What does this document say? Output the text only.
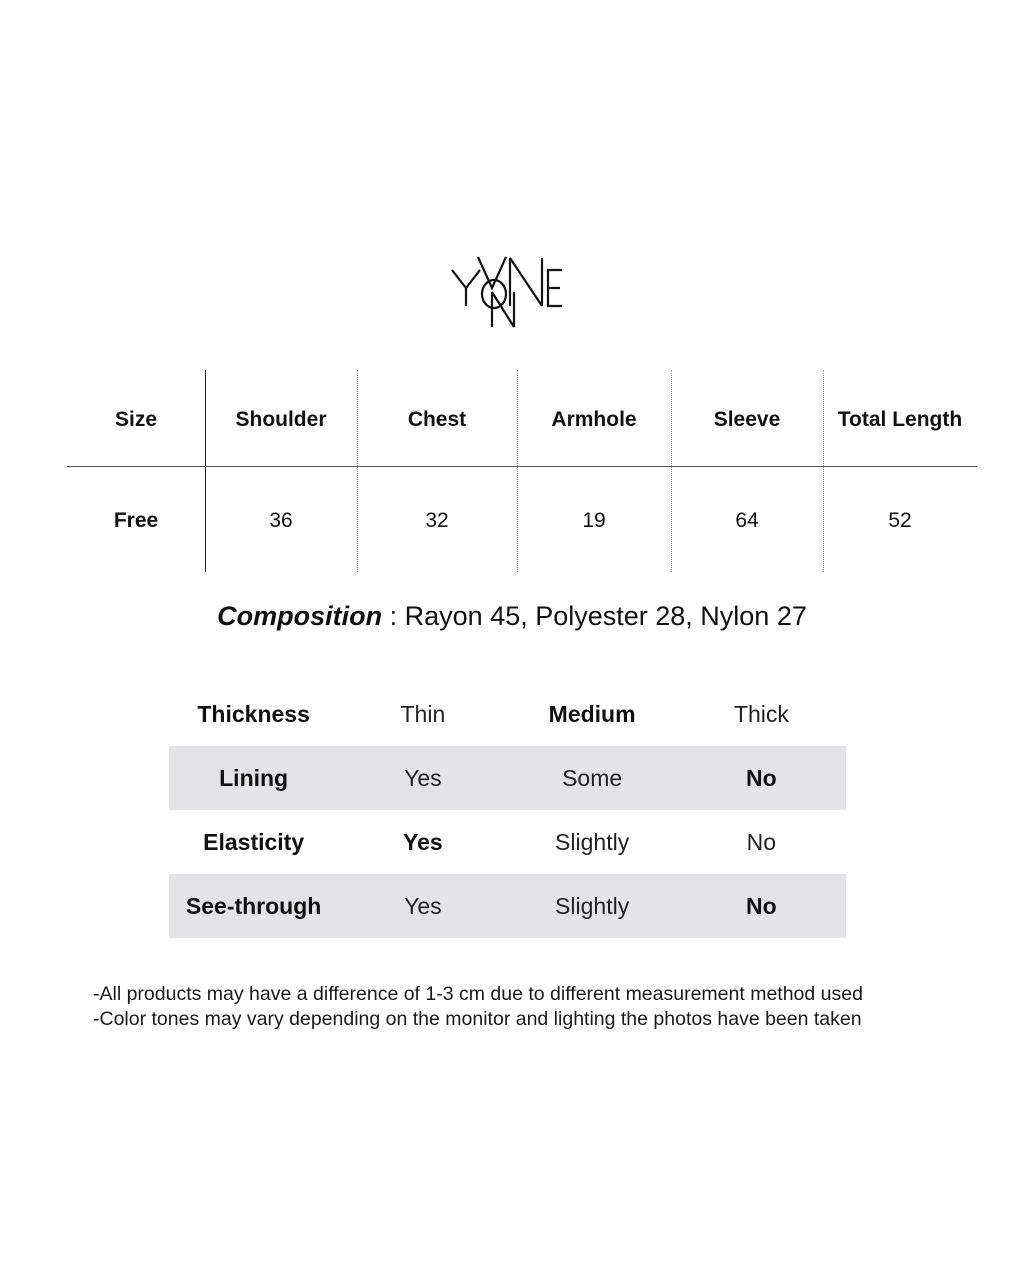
Size	Shoulder	Chest	Armhole	Sleeve	Total Length
Free	36	32	19	64	52
Composition : Rayon 45, Polyester 28, Nylon 27
Thickness	Thin	Medium	Thick
Lining	Yes	Some	No
Elasticity	Yes	Slightly	No
See-through	Yes	Slightly	No
-All products may have a difference of 1-3 cm due to different measurement method used
-Color tones may vary depending on the monitor and lighting the photos have been taken
